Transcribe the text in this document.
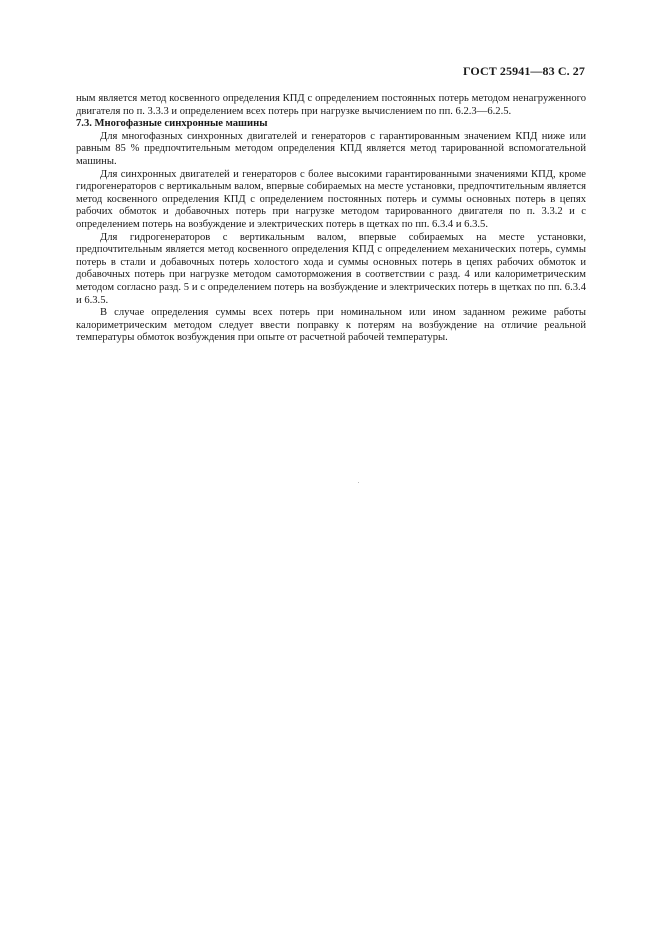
ГОСТ 25941—83 С. 27

ным является метод косвенного определения КПД с определением постоянных потерь методом ненагруженного двигателя по п. 3.3.3 и определением всех потерь при нагрузке вычислением по пп. 6.2.3—6.2.5.

7.3. Многофазные синхронные машины

Для многофазных синхронных двигателей и генераторов с гарантированным значением КПД ниже или равным 85 % предпочтительным методом определения КПД является метод тарированной вспомогательной машины.

Для синхронных двигателей и генераторов с более высокими гарантированными значениями КПД, кроме гидрогенераторов с вертикальным валом, впервые собираемых на месте установки, предпочтительным является метод косвенного определения КПД с определением постоянных потерь и суммы основных потерь в цепях рабочих обмоток и добавочных потерь при нагрузке методом тарированного двигателя по п. 3.3.2 и с определением потерь на возбуждение и электрических потерь в щетках по пп. 6.3.4 и 6.3.5.

Для гидрогенераторов с вертикальным валом, впервые собираемых на месте установки, предпочтительным является метод косвенного определения КПД с определением механических потерь, суммы потерь в стали и добавочных потерь холостого хода и суммы основных потерь в цепях рабочих обмоток и добавочных потерь при нагрузке методом самоторможения в соответствии с разд. 4 или калориметрическим методом согласно разд. 5 и с определением потерь на возбуждение и электрических потерь в щетках по пп. 6.3.4 и 6.3.5.

В случае определения суммы всех потерь при номинальном или ином заданном режиме работы калориметрическим методом следует ввести поправку к потерям на возбуждение на отличие реальной температуры обмоток возбуждения при опыте от расчетной рабочей температуры.
